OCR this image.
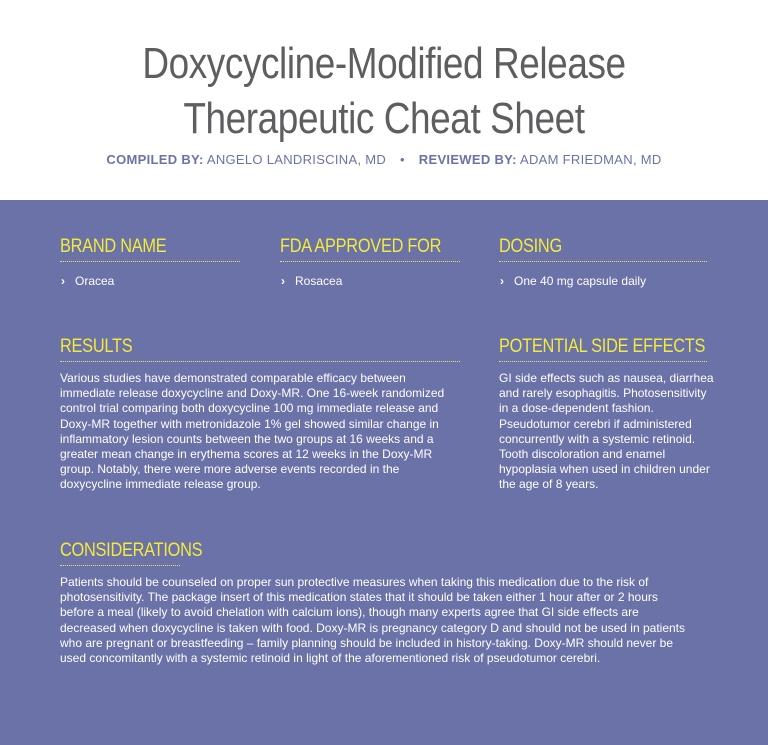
Doxycycline-Modified Release
Therapeutic Cheat Sheet
COMPILED BY: ANGELO LANDRISCINA, MD • REVIEWED BY: ADAM FRIEDMAN, MD
BRAND NAME
› Oracea
FDA APPROVED FOR
› Rosacea
DOSING
› One 40 mg capsule daily
RESULTS
Various studies have demonstrated comparable efficacy between immediate release doxycycline and Doxy-MR. One 16-week randomized control trial comparing both doxycycline 100 mg immediate release and Doxy-MR together with metronidazole 1% gel showed similar change in inflammatory lesion counts between the two groups at 16 weeks and a greater mean change in erythema scores at 12 weeks in the Doxy-MR group. Notably, there were more adverse events recorded in the doxycycline immediate release group.
POTENTIAL SIDE EFFECTS
GI side effects such as nausea, diarrhea and rarely esophagitis. Photosensitivity in a dose-dependent fashion. Pseudotumor cerebri if administered concurrently with a systemic retinoid. Tooth discoloration and enamel hypoplasia when used in children under the age of 8 years.
CONSIDERATIONS
Patients should be counseled on proper sun protective measures when taking this medication due to the risk of photosensitivity. The package insert of this medication states that it should be taken either 1 hour after or 2 hours before a meal (likely to avoid chelation with calcium ions), though many experts agree that GI side effects are decreased when doxycycline is taken with food. Doxy-MR is pregnancy category D and should not be used in patients who are pregnant or breastfeeding – family planning should be included in history-taking. Doxy-MR should never be used concomitantly with a systemic retinoid in light of the aforementioned risk of pseudotumor cerebri.
